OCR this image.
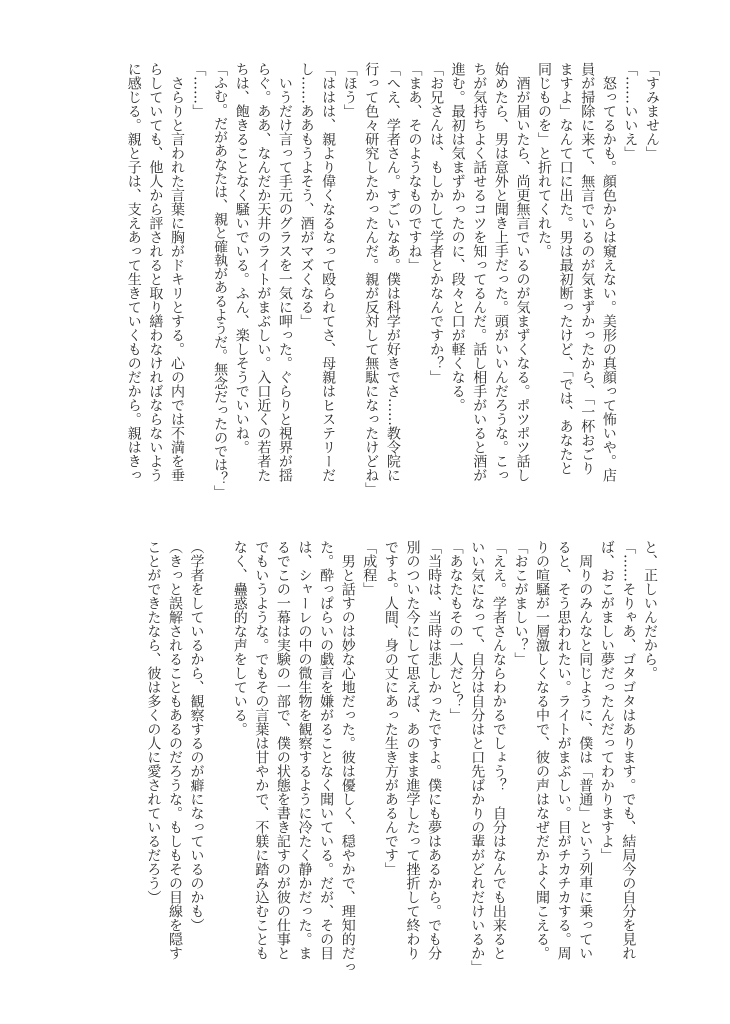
「すみません」
「……いいえ」
　怒ってるかも。顔色からは窺えない。美形の真顔って怖いや。店
員が掃除に来て、無言でいるのが気まずかったから、「一杯おごり
ますよ」なんて口に出た。男は最初断ったけど、「では、あなたと
同じものを」と折れてくれた。
　酒が届いたら、尚更無言でいるのが気まずくなる。ポツポツ話し
始めたら、男は意外と聞き上手だった。頭がいいんだろうな。こっ
ちが気持ちよく話せるコツを知ってるんだ。話し相手がいると酒が
進む。最初は気まずかったのに、段々と口が軽くなる。
「お兄さんは、もしかして学者とかなんですか？」
「まあ、そのようなものですね」
「へえ、学者さん。すごいなあ。僕は科学が好きでさ……教令院に
行って色々研究したかったんだ。親が反対して無駄になったけどね」
「ほう」
「ははは、親より偉くなるなって殴られてさ、母親はヒステリーだ
し……ああもうよそう、酒がマズくなる」
　いうだけ言って手元のグラスを一気に呷った。ぐらりと視界が揺
らぐ。ああ、なんだか天井のライトがまぶしい。入口近くの若者た
ちは、飽きることなく騒いでいる。ふん、楽しそうでいいね。
「ふむ。だがあなたは、親と確執があるようだ。無念だったのでは？」
「……」
　さらりと言われた言葉に胸がドキリとする。心の内では不満を垂
らしていても、他人から評されると取り繕わなければならないよう
に感じる。親と子は、支えあって生きていくものだから。親はきっ
と、正しいんだから。
「……そりゃあ、ゴタゴタはあります。でも、結局今の自分を見れ
ば、おこがましい夢だったんだってわかりますよ」
　周りのみんなと同じように、僕は「普通」という列車に乗ってい
ると、そう思われたい。ライトがまぶしい。目がチカチカする。周
りの喧騒が一層激しくなる中で、彼の声はなぜだかよく聞こえる。
「おこがましい？」
「ええ。学者さんならわかるでしょう？　自分はなんでも出来ると
いい気になって、自分は自分はと口先ばかりの輩がどれだけいるか」
「あなたもその一人だと？」
「当時は、当時は悲しかったですよ。僕にも夢はあるから。でも分
別のついた今にして思えば、あのまま進学したって挫折して終わり
ですよ。人間、身の丈にあった生き方があるんです」
「成程」
　男と話すのは妙な心地だった。彼は優しく、穏やかで、理知的だっ
た。酔っぱらいの戯言を嫌がることなく聞いている。だが、その目
は、シャーレの中の微生物を観察するように冷たく静かだった。ま
るでこの一幕は実験の一部で、僕の状態を書き記すのが彼の仕事と
でもいうような。でもその言葉は甘やかで、不躾に踏み込むことも
なく、蠱惑的な声をしている。
（学者をしているから、観察するのが癖になっているのかも）
（きっと誤解されることもあるのだろうな。もしもその目線を隠す
ことができたなら、彼は多くの人に愛されているだろう）
